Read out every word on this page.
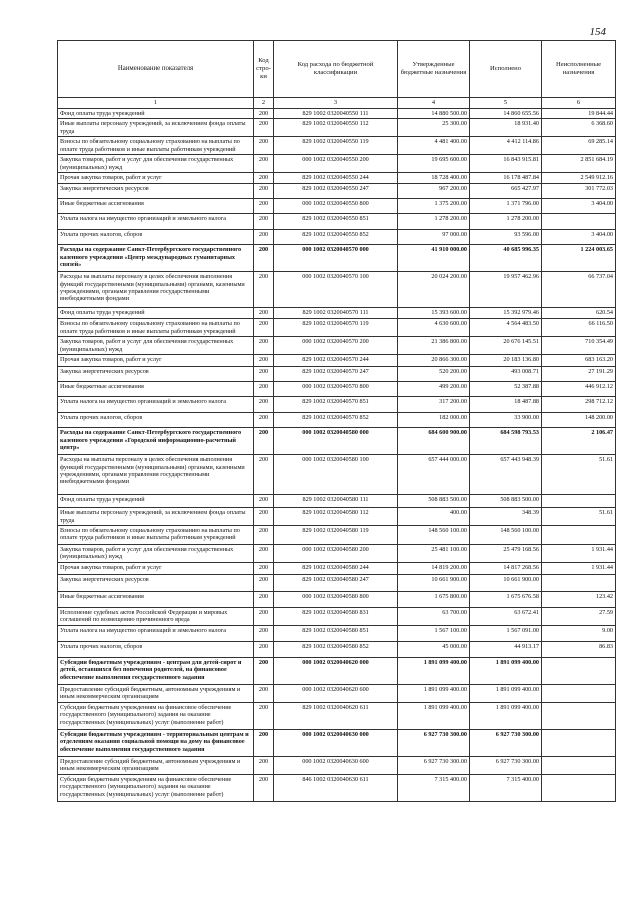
154
Наименование показателя	Код стро-ки	Код расхода по бюджетной классификации	Утвержденные бюджетные назначения	Исполнено	Неисполненные назначения
1	2	3	4	5	6
Фонд оплаты труда учреждений	200	829 1002 0320040550 111	14 880 500.00	14 860 655.56	19 844.44
Иные выплаты персоналу учреждений, за исключением фонда оплаты труда	200	829 1002 0320040550 112	25 300.00	18 931.40	6 368.60
Взносы по обязательному социальному страхованию на выплаты по оплате труда работников и иные выплаты работникам учреждений	200	829 1002 0320040550 119	4 481 400.00	4 412 114.86	69 285.14
Закупка товаров, работ и услуг для обеспечения государственных (муниципальных) нужд	200	000 1002 0320040550 200	19 695 600.00	16 843 915.81	2 851 684.19
Прочая закупка товаров, работ и услуг	200	829 1002 0320040550 244	18 728 400.00	16 178 487.84	2 549 912.16
Закупка энергетических ресурсов	200	829 1002 0320040550 247	967 200.00	665 427.97	301 772.03
Иные бюджетные ассигнования	200	000 1002 0320040550 800	1 375 200.00	1 371 796.00	3 404.00
Уплата налога на имущество организаций и земельного налога	200	829 1002 0320040550 851	1 278 200.00	1 278 200.00	
Уплата прочих налогов, сборов	200	829 1002 0320040550 852	97 000.00	93 596.00	3 404.00
Расходы на содержание Санкт-Петербургского государственного казенного учреждения «Центр международных гуманитарных связей»	200	000 1002 0320040570 000	41 910 000.00	40 685 996.35	1 224 003.65
Расходы на выплаты персоналу в целях обеспечения выполнения функций государственными (муниципальными) органами, казенными учреждениями, органами управления государственными внебюджетными фондами	200	000 1002 0320040570 100	20 024 200.00	19 957 462.96	66 737.04
Фонд оплаты труда учреждений	200	829 1002 0320040570 111	15 393 600.00	15 392 979.46	620.54
Взносы по обязательному социальному страхованию на выплаты по оплате труда работников и иные выплаты работникам учреждений	200	829 1002 0320040570 119	4 630 600.00	4 564 483.50	66 116.50
Закупка товаров, работ и услуг для обеспечения государственных (муниципальных) нужд	200	000 1002 0320040570 200	21 386 800.00	20 676 145.51	710 354.49
Прочая закупка товаров, работ и услуг	200	829 1002 0320040570 244	20 866 300.00	20 183 136.80	683 163.20
Закупка энергетических ресурсов	200	829 1002 0320040570 247	520 200.00	493 008.71	27 191.29
Иные бюджетные ассигнования	200	000 1002 0320040570 800	499 200.00	52 387.88	446 912.12
Уплата налога на имущество организаций и земельного налога	200	829 1002 0320040570 851	317 200.00	18 487.88	298 712.12
Уплата прочих налогов, сборов	200	829 1002 0320040570 852	182 000.00	33 900.00	148 200.00
Расходы на содержание Санкт-Петербургского государственного казенного учреждения «Городской информационно-расчетный центр»	200	000 1002 0320040580 000	684 600 900.00	684 598 793.53	2 106.47
Расходы на выплаты персоналу в целях обеспечения выполнения функций государственными (муниципальными) органами, казенными учреждениями, органами управления государственными внебюджетными фондами	200	000 1002 0320040580 100	657 444 000.00	657 443 948.39	51.61
Фонд оплаты труда учреждений	200	829 1002 0320040580 111	508 883 500.00	508 883 500.00	
Иные выплаты персоналу учреждений, за исключением фонда оплаты труда	200	829 1002 0320040580 112	400.00	348.39	51.61
Взносы по обязательному социальному страхованию на выплаты по оплате труда работников и иные выплаты работникам учреждений	200	829 1002 0320040580 119	148 560 100.00	148 560 100.00	
Закупка товаров, работ и услуг для обеспечения государственных (муниципальных) нужд	200	000 1002 0320040580 200	25 481 100.00	25 479 168.56	1 931.44
Прочая закупка товаров, работ и услуг	200	829 1002 0320040580 244	14 819 200.00	14 817 268.56	1 931.44
Закупка энергетических ресурсов	200	829 1002 0320040580 247	10 661 900.00	10 661 900.00	
Иные бюджетные ассигнования	200	000 1002 0320040580 800	1 675 800.00	1 675 676.58	123.42
Исполнение судебных актов Российской Федерации и мировых соглашений по возмещению причиненного вреда	200	829 1002 0320040580 831	63 700.00	63 672.41	27.59
Уплата налога на имущество организаций и земельного налога	200	829 1002 0320040580 851	1 567 100.00	1 567 091.00	9.00
Уплата прочих налогов, сборов	200	829 1002 0320040580 852	45 000.00	44 913.17	86.83
Субсидии бюджетным учреждениям - центрам для детей-сирот и детей, оставшихся без попечения родителей, на финансовое обеспечение выполнения государственного задания	200	000 1002 0320040620 000	1 891 099 400.00	1 891 099 400.00	
Предоставление субсидий бюджетным, автономным учреждениям и иным некоммерческим организациям	200	000 1002 0320040620 600	1 891 099 400.00	1 891 099 400.00	
Субсидии бюджетным учреждениям на финансовое обеспечение государственного (муниципального) задания на оказание государственных (муниципальных) услуг (выполнение работ)	200	829 1002 0320040620 611	1 891 099 400.00	1 891 099 400.00	
Субсидии бюджетным учреждениям - территориальным центрам и отделениям оказания социальной помощи на дому на финансовое обеспечение выполнения государственного задания	200	000 1002 0320040630 000	6 927 730 300.00	6 927 730 300.00	
Предоставление субсидий бюджетным, автономным учреждениям и иным некоммерческим организациям	200	000 1002 0320040630 600	6 927 730 300.00	6 927 730 300.00	
Субсидии бюджетным учреждениям на финансовое обеспечение государственного (муниципального) задания на оказание государственных (муниципальных) услуг (выполнение работ)	200	846 1002 0320040630 611	7 315 400.00	7 315 400.00	
